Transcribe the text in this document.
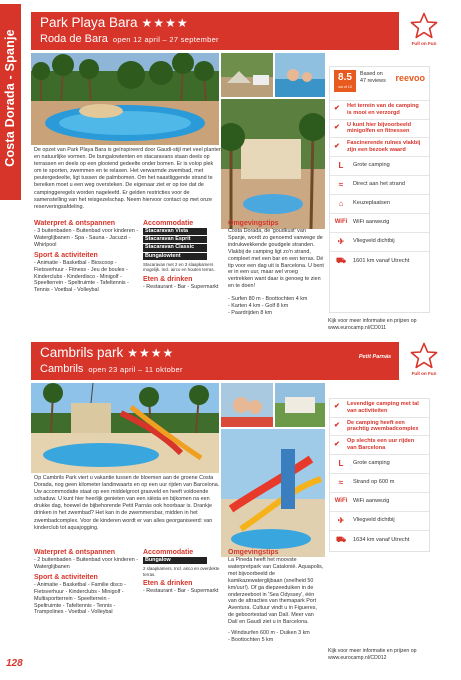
Costa Dorada - Spanje
128
Park Playa Bara ★★★★
Roda de Bara open 12 april – 27 september	Full on Fun
De opzet van Park Playa Bara is geïnspireerd door Gaudi-stijl met veel planten en natuurlijke vormen. De bungalowtenten en stacaravans staan deels op terrassen en deels op een glooiend gedeelte onder bomen. Er is volop plek om te sporten, zwemmen en te relaxen. Het verwarmde zwembad, met peutergedeelte, ligt tussen de palmbomen. Om het naastliggende strand te bereiken moet u een weg oversteken. De eigenaar ziet er op toe dat de campinggeregels worden nageleefd. Er gelden restricties voor de samenstelling van het reisgezelschap. Neem hiervoor contact op met onze reserveringsafdeling.
Waterpret & ontspannen
- 3 buitenbaden - Buitenbad voor kinderen - Waterglijbanen - Spa - Sauna - Jacuzzi - Whirlpool
Sport & activiteiten
- Animatie - Basketbal - Bioscoop - Fietsverhuur - Fitness - Jeu de boules - Kinderclubs - Kinderdisco - Minigolf - Speelterrein - Speltruimte - Tafeltennis - Tennis - Voetbal - Volleybal
Accommodatie
Stacaravan Vista
Stacaravan Esprit
Stacaravan Classic
Bungalowtent
Stacaravan met 2 en 3 slaapkamers mogelijk. Incl. airco en houten terras.
Eten & drinken
- Restaurant - Bar - Supermarkt
Omgevingstips
Costa Dorada, de 'goudkust' van Spanje, wordt zo genoemd vanwege de indrukwekkende goudgele stranden. Vlakbij de camping ligt zo'n strand, compleet met een bar en een terras. Dé tip voor een dag uit is Barcelona. U bent er in een uur, maar wel vroeg vertrekken want daar is genoeg te zien en te doen!
- Surfen 80 m - Boottochten 4 km
- Karten 4 km - Golf 8 km
- Paardrijden 8 km
Kijk voor meer informatie en prijzen op www.eurocamp.nl/CD011
8.5
out of 10
Based on
47 reviews reevoo
✔	Het terrein van de camping is mooi en verzorgd
✔	U kunt hier bijvoorbeeld minigolfen en fitnessen
✔	Fascinerende ruïnes vlakbij zijn een bezoek waard
L	Grote camping
≈	Direct aan het strand
⌂	Keuzeplaatsen
WiFi WiFi aanwezig
✈	Vliegveld dichtbij
⛟	1601 km vanaf Utrecht
Cambrils park ★★★★
Cambrils open 23 april – 11 oktober
Petit Parnás
Full on Fun
Op Cambrils Park viert u vakantie tussen de bloemen aan de groene Costa Dorada, nog geen kilometer landinwaarts en op een uur rijden van Barcelona. Uw accommodatie staat op een middelgroot grasveld en heeft voldoende schaduw. U kunt hier heerlijk genieten van een siësta en bijkomen na een drukke dag, hoewel de bijbehorende Petit Parnás ook hoorbaar is. Drankje drinken in het zwembad? Het kan in de zwemmersbar, midden in het zwembadcomplex. Voor de kinderen wordt er van alles georganiseerd: van kinderclub tot aquajogging.
Waterpret & ontspannen
- 2 buitenbaden - Buitenbad voor kinderen - Waterglijbanen
Sport & activiteiten
- Animatie - Basketbal - Familie disco - Fietsverhuur - Kinderclubs - Minigolf - Multisportterrein - Speelterrein - Speltruimte - Tafeltennis - Tennis - Trampolines - Voetbal - Volleybal
Accommodatie
Bungalow
2 slaapkamers. Incl. airco en overdekte terras.
Eten & drinken
- Restaurant - Bar - Supermarkt
Omgevingstips
La Pineda heeft het moovste waterpretpark van Catalonië. Aquapolis, met bijvoorbeeld de kamikazewaterglijbaan (snelheid 50 km/uur!). Of ga diepzeeduiken in de onderzeeboot in 'Sea Odyssey', één van de attracties van themapark Port Aventura. Cultuur vindt u in Figueres, de geboortestad van Dalí. Meer van Dalí en Gaudí ziet u in Barcelona.
- Windsurfen 600 m - Duiken 3 km
- Boottochten 5 km
Kijk voor meer informatie en prijzen op www.eurocamp.nl/CD012
✔	Levendige camping met tal van activiteiten
✔	De camping heeft een prachtig zwembadcomplex
✔	Op slechts een uur rijden van Barcelona
L	Grote camping
≈	Strand op 600 m
WiFi WiFi aanwezig
✈	Vliegveld dichtbij
⛟	1634 km vanaf Utrecht
